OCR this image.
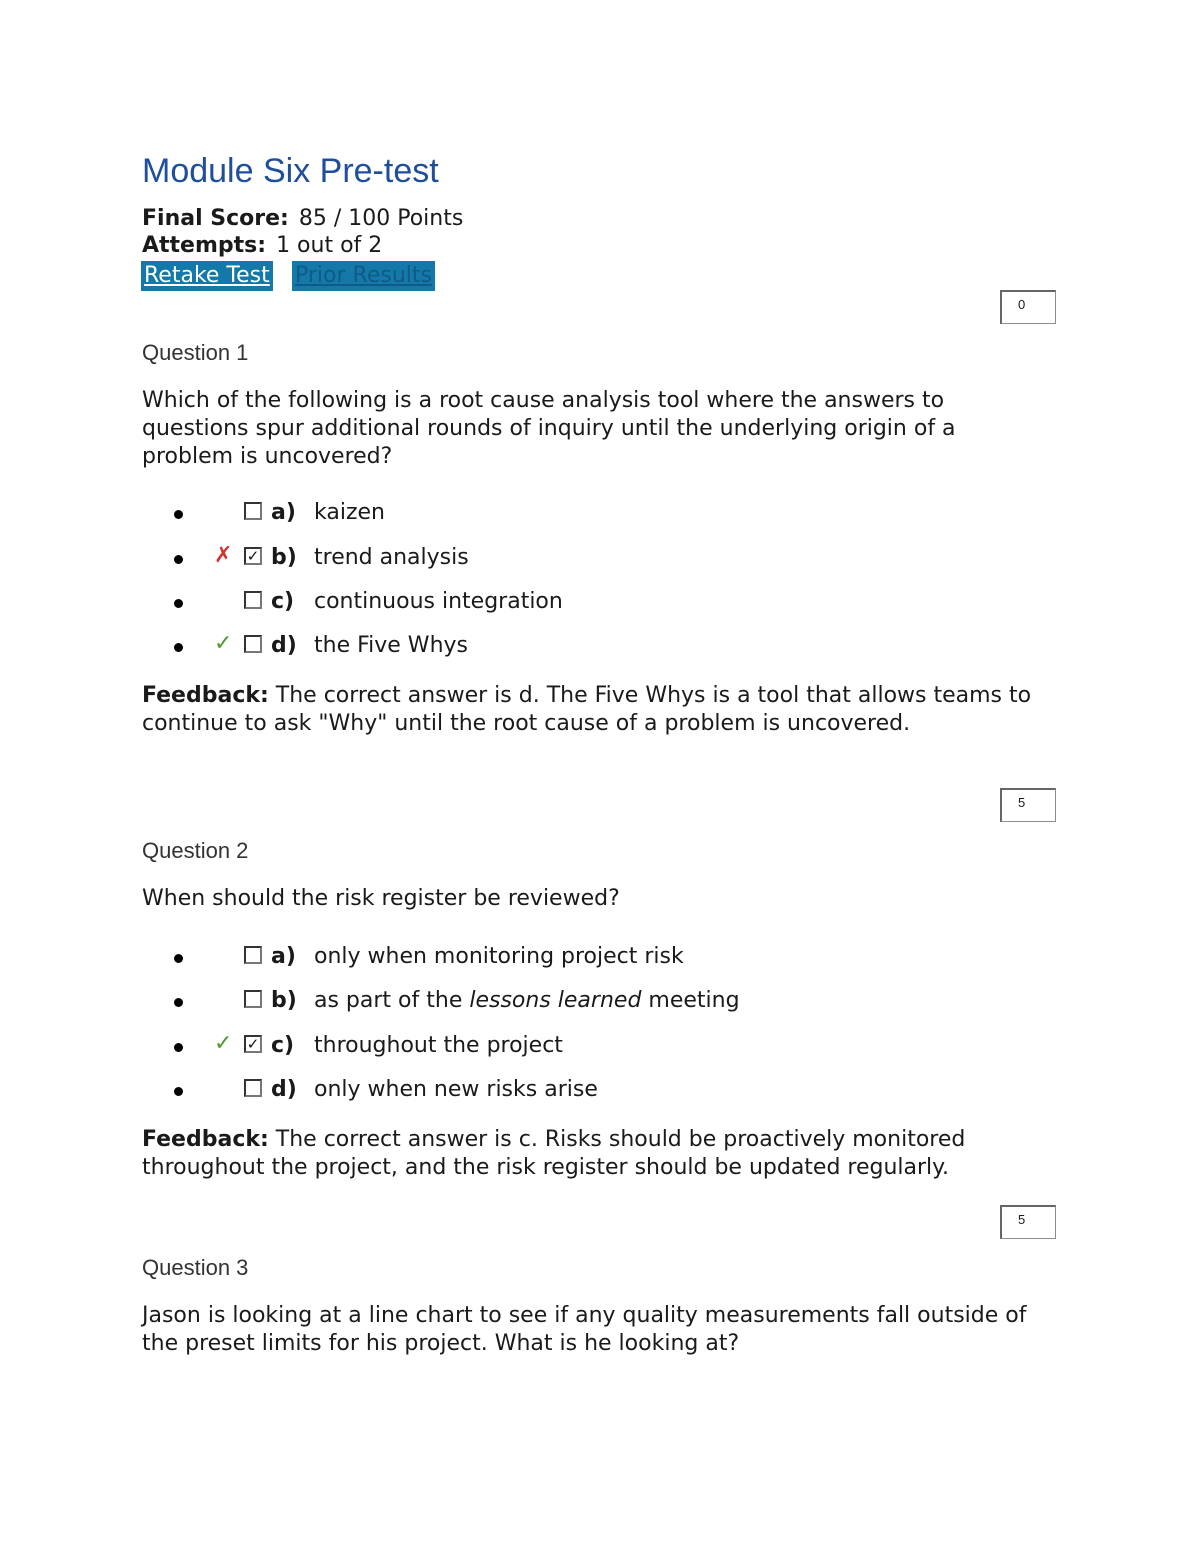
Module Six Pre-test
Final Score: 85 / 100 Points
Attempts: 1 out of 2
Retake Test Prior Results
0
Question 1
Which of the following is a root cause analysis tool where the answers to questions spur additional rounds of inquiry until the underlying origin of a problem is uncovered?
a) kaizen
✗ ✓ b) trend analysis
c) continuous integration
✓ d) the Five Whys
Feedback: The correct answer is d. The Five Whys is a tool that allows teams to continue to ask "Why" until the root cause of a problem is uncovered.
5
Question 2
When should the risk register be reviewed?
a) only when monitoring project risk
b) as part of the lessons learned meeting
✓ ✓ c) throughout the project
d) only when new risks arise
Feedback: The correct answer is c. Risks should be proactively monitored throughout the project, and the risk register should be updated regularly.
5
Question 3
Jason is looking at a line chart to see if any quality measurements fall outside of the preset limits for his project. What is he looking at?
